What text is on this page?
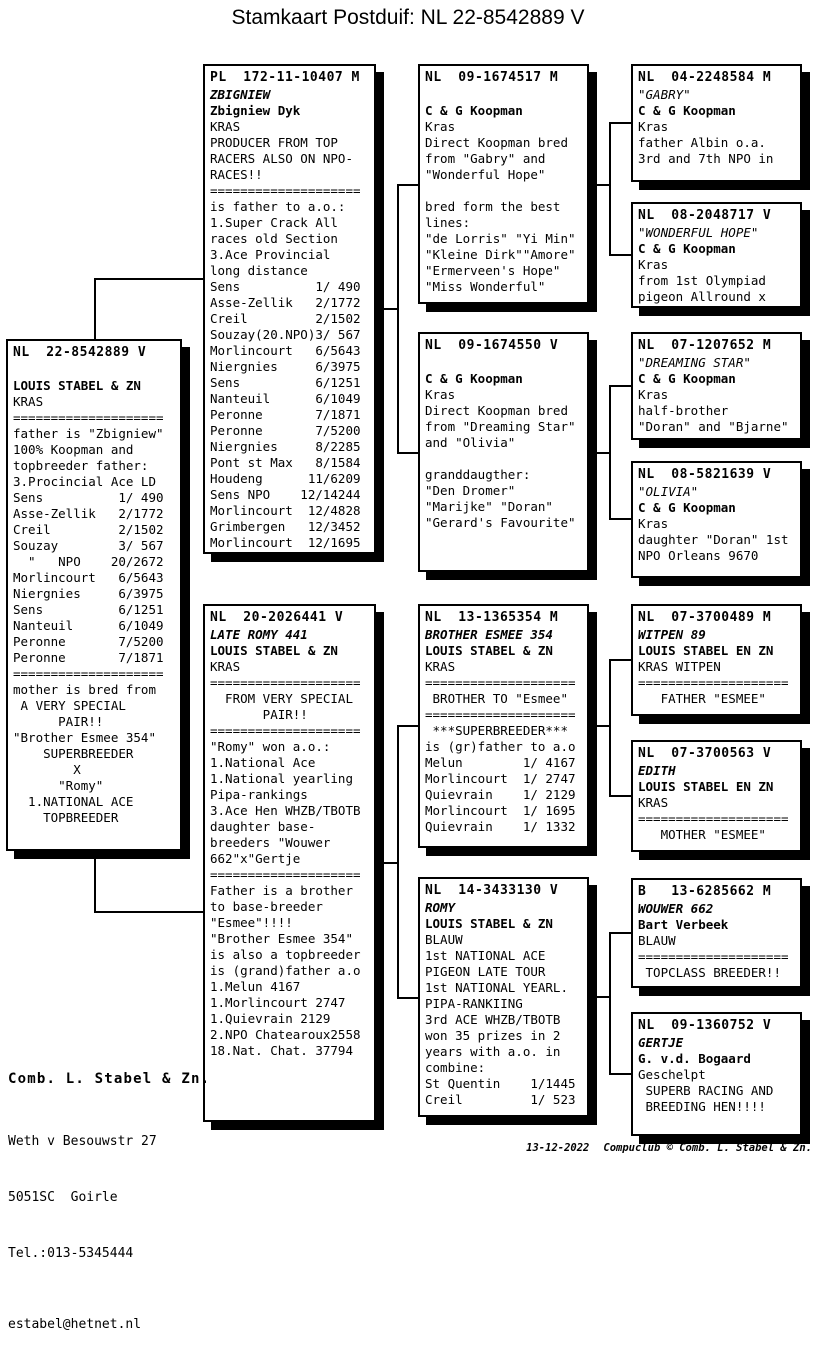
Stamkaart Postduif: NL 22-8542889 V
NL  22-8542889 V

LOUIS STABEL & ZN
KRAS
====================
father is "Zbigniew"
100% Koopman and
topbreeder father:
3.Procincial Ace LD
Sens          1/ 490
Asse-Zellik   2/1772
Creil         2/1502
Souzay        3/ 567
"   NPO    20/2672
Morlincourt   6/5643
Niergnies     6/3975
Sens          6/1251
Nanteuil      6/1049
Peronne       7/5200
Peronne       7/1871
====================
mother is bred from
A VERY SPECIAL
PAIR!!
"Brother Esmee 354"
SUPERBREEDER
X
"Romy"
1.NATIONAL ACE
TOPBREEDER
PL  172-11-10407 M
ZBIGNIEW
Zbigniew Dyk
KRAS
PRODUCER FROM TOP
RACERS ALSO ON NPO-
RACES!!
====================
is father to a.o.:
1.Super Crack All
races old Section
3.Ace Provincial
long distance
Sens          1/ 490
Asse-Zellik   2/1772
Creil         2/1502
Souzay(20.NPO)3/ 567
Morlincourt   6/5643
Niergnies     6/3975
Sens          6/1251
Nanteuil      6/1049
Peronne       7/1871
Peronne       7/5200
Niergnies     8/2285
Pont st Max   8/1584
Houdeng      11/6209
Sens NPO    12/14244
Morlincourt  12/4828
Grimbergen   12/3452
Morlincourt  12/1695
NL  20-2026441 V
LATE ROMY 441
LOUIS STABEL & ZN
KRAS
====================
FROM VERY SPECIAL
PAIR!!
====================
"Romy" won a.o.:
1.National Ace
1.National yearling
Pipa-rankings
3.Ace Hen WHZB/TBOTB
daughter base-
breeders "Wouwer
662"x"Gertje
====================
Father is a brother
to base-breeder
"Esmee"!!!!
"Brother Esmee 354"
is also a topbreeder
is (grand)father a.o
1.Melun 4167
1.Morlincourt 2747
1.Quievrain 2129
2.NPO Chatearoux2558
18.Nat. Chat. 37794
NL  09-1674517 M

C & G Koopman
Kras
Direct Koopman bred
from "Gabry" and
"Wonderful Hope"

bred form the best
lines:
"de Lorris" "Yi Min"
"Kleine Dirk""Amore"
"Ermerveen's Hope"
"Miss Wonderful"
NL  09-1674550 V

C & G Koopman
Kras
Direct Koopman bred
from "Dreaming Star"
and "Olivia"

granddaugther:
"Den Dromer"
"Marijke" "Doran"
"Gerard's Favourite"
NL  13-1365354 M
BROTHER ESMEE 354
LOUIS STABEL & ZN
KRAS
====================
BROTHER TO "Esmee"
====================
***SUPERBREEDER***
is (gr)father to a.o
Melun        1/ 4167
Morlincourt  1/ 2747
Quievrain    1/ 2129
Morlincourt  1/ 1695
Quievrain    1/ 1332
NL  14-3433130 V
ROMY
LOUIS STABEL & ZN
BLAUW
1st NATIONAL ACE
PIGEON LATE TOUR
1st NATIONAL YEARL.
PIPA-RANKIING
3rd ACE WHZB/TBOTB
won 35 prizes in 2
years with a.o. in
combine:
St Quentin    1/1445
Creil         1/ 523
NL  04-2248584 M
"GABRY"
C & G Koopman
Kras
father Albin o.a.
3rd and 7th NPO in
NL  08-2048717 V
"WONDERFUL HOPE"
C & G Koopman
Kras
from 1st Olympiad
pigeon Allround x
NL  07-1207652 M
"DREAMING STAR"
C & G Koopman
Kras
half-brother
"Doran" and "Bjarne"
NL  08-5821639 V
"OLIVIA"
C & G Koopman
Kras
daughter "Doran" 1st
NPO Orleans 9670
NL  07-3700489 M
WITPEN 89
LOUIS STABEL EN ZN
KRAS WITPEN
====================
FATHER "ESMEE"
NL  07-3700563 V
EDITH
LOUIS STABEL EN ZN
KRAS
====================
MOTHER "ESMEE"
B   13-6285662 M
WOUWER 662
Bart Verbeek
BLAUW
====================
TOPCLASS BREEDER!!
NL  09-1360752 V
GERTJE
G. v.d. Bogaard
Geschelpt
SUPERB RACING AND
BREEDING HEN!!!!

Comb. L. Stabel & Zn.

Weth v Besouwstr 27

5051SC  Goirle

Tel.:013-5345444

estabel@hetnet.nl

13-12-2022 Compuclub © Comb. L. Stabel & Zn.
